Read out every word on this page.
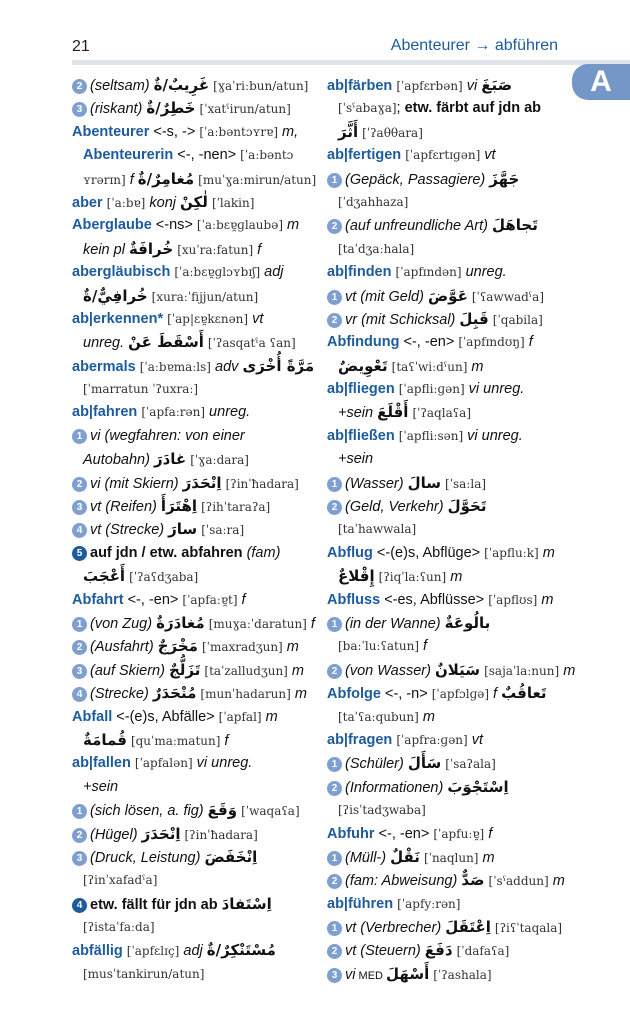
21	Abenteurer → abführen
A
2 (seltsam) غَرِيبٌ/ةٌ [ɣaˈriːbun/atun]
3 (riskant) خَطِرٌ/ةٌ [ˈxatˤirun/atun]
Abenteurer <-s, -> [ˈaːbəntɔʏrɐ] m,
Abenteurerin <-, -nen> [ˈaːbəntɔ
ʏrərɪn] f مُغامِرٌ/ةٌ [muˈɣaːmirun/atun]
aber [ˈaːbɐ] konj لٰكِنْ [ˈlakin]
Aberglaube <-ns> [ˈaːbɛɐ̯ɡlaubə] m
kein pl خُرافَةٌ [xuˈraːfatun] f
abergläubisch [ˈaːbɛɐ̯ɡlɔʏbɪʃ] adj
خُرافِيٌّ/ةٌ [xuraːˈfijjun/atun]
ab|erkennen* [ˈap|ɛɐ̯kɛnən] vt
unreg. أَسْقَطَ عَنْ [ˈʔasqatˤa ʕan]
abermals [ˈaːbɐmaːls] adv مَرَّةً أُخْرَى
[ˈmarratun ˈʔuxraː]
ab|fahren [ˈapfaːrən] unreg.
1 vi (wegfahren: von einer
Autobahn) غادَرَ [ˈɣaːdara]
2 vi (mit Skiern) اِنْحَدَرَ [ʔinˈħadara]
3 vt (Reifen) اِهْتَرَأَ [ʔihˈtaraʔa]
4 vt (Strecke) سارَ [ˈsaːra]
5 auf jdn / etw. abfahren (fam)
أَعْجَبَ [ˈʔaʕdʒaba]
Abfahrt <-, -en> [ˈapfaːɐ̯t] f
1 (von Zug) مُغادَرَةٌ [muɣaːˈdaratun] f
2 (Ausfahrt) مَخْرَجٌ [ˈmaxradʒun] m
3 (auf Skiern) تَزَلُّجٌ [taˈzalludʒun] m
4 (Strecke) مُنْحَدَرٌ [munˈhadarun] m
Abfall <-(e)s, Abfälle> [ˈapfal] m
قُمامَةٌ [quˈmaːmatun] f
ab|fallen [ˈapfalən] vi unreg.
+sein
1 (sich lösen, a. fig) وَقَعَ [ˈwaqaʕa]
2 (Hügel) اِنْحَدَرَ [ʔinˈħadara]
3 (Druck, Leistung) اِنْخَفَضَ
[ʔinˈxafadˤa]
4 etw. fällt für jdn ab اِسْتَفادَ
[ʔistaˈfaːda]
abfällig [ˈapfɛlɪç] adj مُسْتَنْكِرٌ/ةٌ
[musˈtankirun/atun]
ab|färben [ˈapfɛrbən] vi صَبَغَ
[ˈsˤabaɣa]; etw. färbt auf jdn ab
أَثَّرَ [ˈʔaθθara]
ab|fertigen [ˈapfɛrtɪɡən] vt
1 (Gepäck, Passagiere) جَهَّزَ
[ˈdʒahhaza]
2 (auf unfreundliche Art) تَجاهَلَ
[taˈdʒaːhala]
ab|finden [ˈapfɪndən] unreg.
1 vt (mit Geld) عَوَّضَ [ˈʕawwadˤa]
2 vr (mit Schicksal) قَبِلَ [ˈqabila]
Abfindung <-, -en> [ˈapfɪndʊŋ] f
تَعْوِيضٌ [taʕˈwiːdˤun] m
ab|fliegen [ˈapfliːɡən] vi unreg.
+sein أَقْلَعَ [ˈʔaqlaʕa]
ab|fließen [ˈapfliːsən] vi unreg.
+sein
1 (Wasser) سالَ [ˈsaːla]
2 (Geld, Verkehr) تَحَوَّلَ
[taˈhawwala]
Abflug <-(e)s, Abflüge> [ˈapfluːk] m
إِقْلاعٌ [ʔiqˈlaːʕun] m
Abfluss <-es, Abflüsse> [ˈapflʊs] m
1 (in der Wanne) بالُوعَةٌ
[baːˈluːʕatun] f
2 (von Wasser) سَيَلانٌ [sajaˈlaːnun] m
Abfolge <-, -n> [ˈapfɔlɡə] f تَعاقُبٌ
[taˈʕaːqubun] m
ab|fragen [ˈapfraːɡən] vt
1 (Schüler) سَأَلَ [ˈsaʔala]
2 (Informationen) اِسْتَجْوَبَ
[ʔisˈtadʒwaba]
Abfuhr <-, -en> [ˈapfuːɐ̯] f
1 (Müll-) نَقْلٌ [ˈnaqlun] m
2 (fam: Abweisung) صَدٌّ [ˈsˤaddun] m
ab|führen [ˈapfyːrən]
1 vt (Verbrecher) اِعْتَقَلَ [ʔiʕˈtaqala]
2 vt (Steuern) دَفَعَ [ˈdafaʕa]
3 vi MED أَسْهَلَ [ˈʔashala]
